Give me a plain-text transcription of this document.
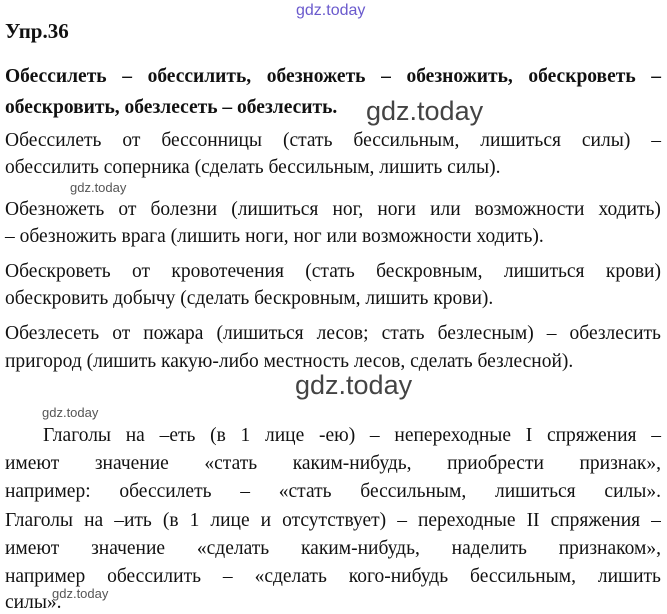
gdz.today
Упр.36
Обессилеть – обессилить, обезножеть – обезножить, обескроветь –
обескровить, обезлесеть – обезлесить. gdz.today
Обессилеть от бессонницы (стать бессильным, лишиться силы) –
обессилить соперника (сделать бессильным, лишить силы).
gdz.today
Обезножеть от болезни (лишиться ног, ноги или возможности ходить)
– обезножить врага (лишить ноги, ног или возможности ходить).
Обескроветь от кровотечения (стать бескровным, лишиться крови)
обескровить добычу (сделать бескровным, лишить крови).
Обезлесеть от пожара (лишиться лесов; стать безлесным) – обезлесить
пригород (лишить какую-либо местность лесов, сделать безлесной).
gdz.today
gdz.today
Глаголы на –еть (в 1 лице -ею) – непереходные I спряжения –
имеют значение «стать каким-нибудь, приобрести признак»,
например: обессилеть – «стать бессильным, лишиться силы».
Глаголы на –ить (в 1 лице и отсутствует) – переходные II спряжения –
имеют значение «сделать каким-нибудь, наделить признаком»,
например обессилить – «сделать кого-нибудь бессильным, лишить
силы».
gdz.today
